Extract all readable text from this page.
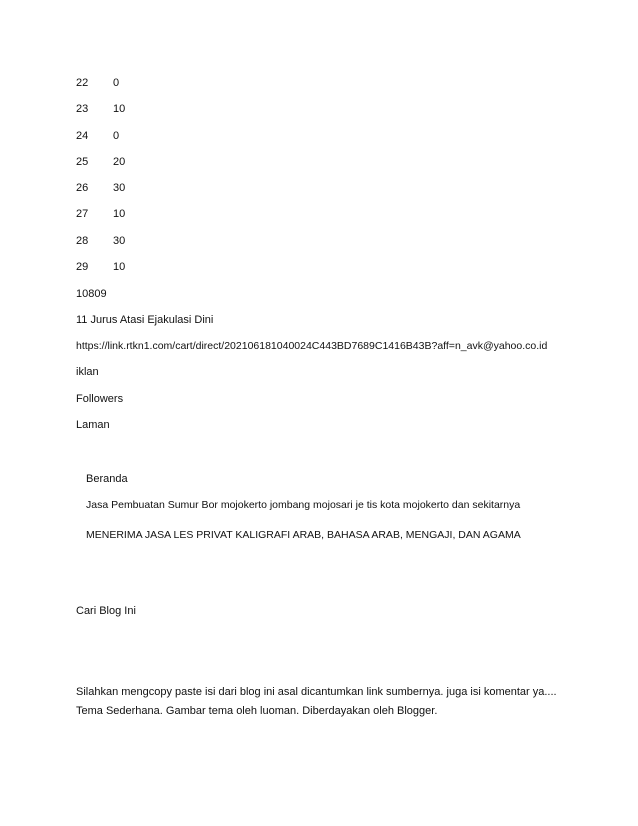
22 0
23 10
24 0
25 20
26 30
27 10
28 30
29 10
10809
11 Jurus Atasi Ejakulasi Dini
https://link.rtkn1.com/cart/direct/202106181040024C443BD7689C1416B43B?aff=n_avk@yahoo.co.id
iklan
Followers
Laman
Beranda
Jasa Pembuatan Sumur Bor mojokerto jombang mojosari je tis kota mojokerto dan sekitarnya
MENERIMA JASA LES PRIVAT KALIGRAFI ARAB, BAHASA ARAB, MENGAJI, DAN AGAMA
Cari Blog Ini
Silahkan mengcopy paste isi dari blog ini asal dicantumkan link sumbernya. juga isi komentar ya.... Tema Sederhana. Gambar tema oleh luoman. Diberdayakan oleh Blogger.
